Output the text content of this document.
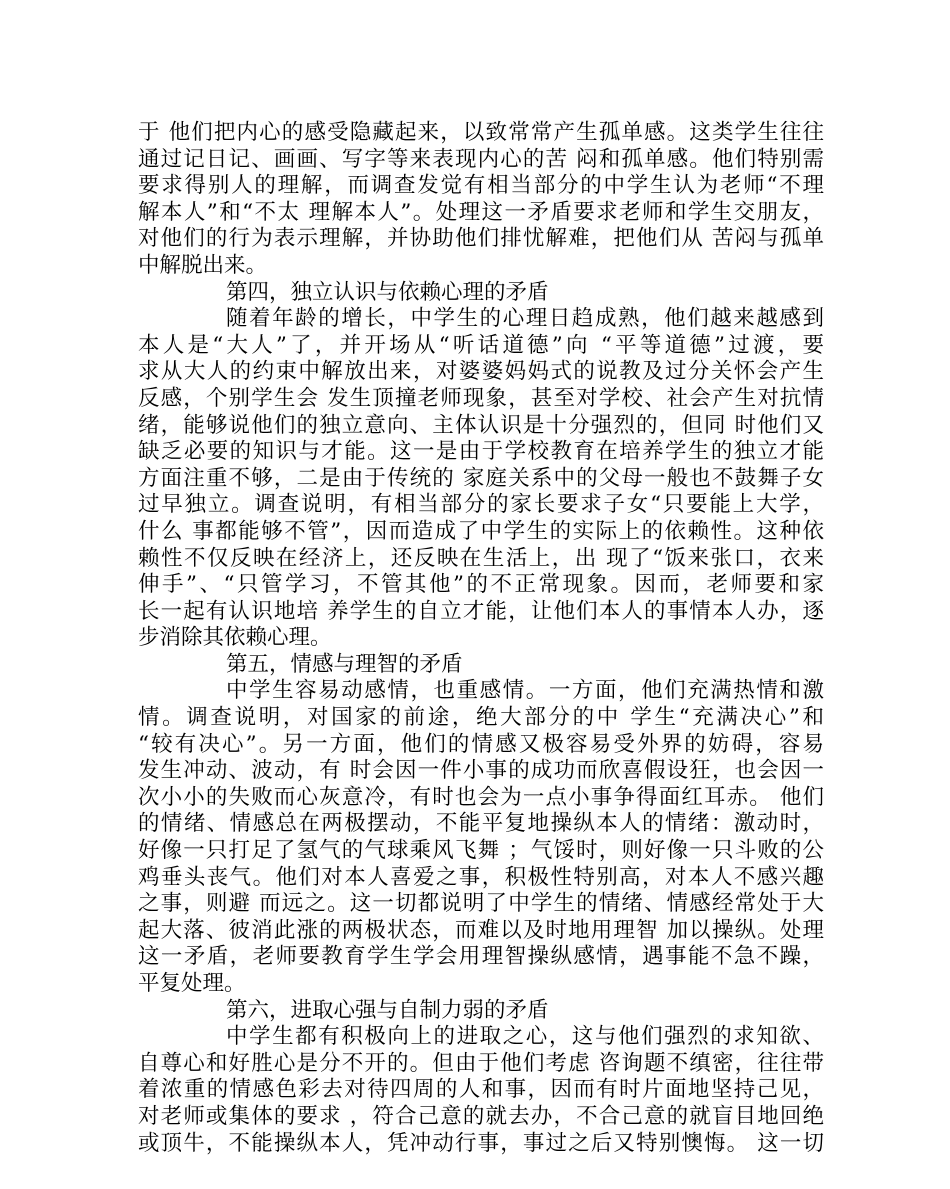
于 他们把内心的感受隐藏起来，以致常常产生孤单感。这类学生往往
通过记日记、画画、写字等来表现内心的苦 闷和孤单感。他们特别需
要求得别人的理解，而调查发觉有相当部分的中学生认为老师“不理
解本人”和“不太 理解本人”。处理这一矛盾要求老师和学生交朋友，
对他们的行为表示理解，并协助他们排忧解难，把他们从 苦闷与孤单
中解脱出来。
第四，独立认识与依赖心理的矛盾
随着年龄的增长，中学生的心理日趋成熟，他们越来越感到
本人是“大人”了，并开场从“听话道德”向 “平等道德”过渡，要
求从大人的约束中解放出来，对婆婆妈妈式的说教及过分关怀会产生
反感，个别学生会 发生顶撞老师现象，甚至对学校、社会产生对抗情
绪，能够说他们的独立意向、主体认识是十分强烈的，但同 时他们又
缺乏必要的知识与才能。这一是由于学校教育在培养学生的独立才能
方面注重不够，二是由于传统的 家庭关系中的父母一般也不鼓舞子女
过早独立。调查说明，有相当部分的家长要求子女“只要能上大学，
什么 事都能够不管”，因而造成了中学生的实际上的依赖性。这种依
赖性不仅反映在经济上，还反映在生活上，出 现了“饭来张口，衣来
伸手”、“只管学习，不管其他”的不正常现象。因而，老师要和家
长一起有认识地培 养学生的自立才能，让他们本人的事情本人办，逐
步消除其依赖心理。
第五，情感与理智的矛盾
中学生容易动感情，也重感情。一方面，他们充满热情和激
情。调查说明，对国家的前途，绝大部分的中 学生“充满决心”和
“较有决心”。另一方面，他们的情感又极容易受外界的妨碍，容易
发生冲动、波动，有 时会因一件小事的成功而欣喜假设狂，也会因一
次小小的失败而心灰意冷，有时也会为一点小事争得面红耳赤。 他们
的情绪、情感总在两极摆动，不能平复地操纵本人的情绪：激动时，
好像一只打足了氢气的气球乘风飞舞 ；气馁时，则好像一只斗败的公
鸡垂头丧气。他们对本人喜爱之事，积极性特别高，对本人不感兴趣
之事，则避 而远之。这一切都说明了中学生的情绪、情感经常处于大
起大落、彼消此涨的两极状态，而难以及时地用理智 加以操纵。处理
这一矛盾，老师要教育学生学会用理智操纵感情，遇事能不急不躁，
平复处理。
第六，进取心强与自制力弱的矛盾
中学生都有积极向上的进取之心，这与他们强烈的求知欲、
自尊心和好胜心是分不开的。但由于他们考虑 咨询题不缜密，往往带
着浓重的情感色彩去对待四周的人和事，因而有时片面地坚持己见，
对老师或集体的要求 ，符合己意的就去办，不合己意的就盲目地回绝
或顶牛，不能操纵本人，凭冲动行事，事过之后又特别懊悔。 这一切
